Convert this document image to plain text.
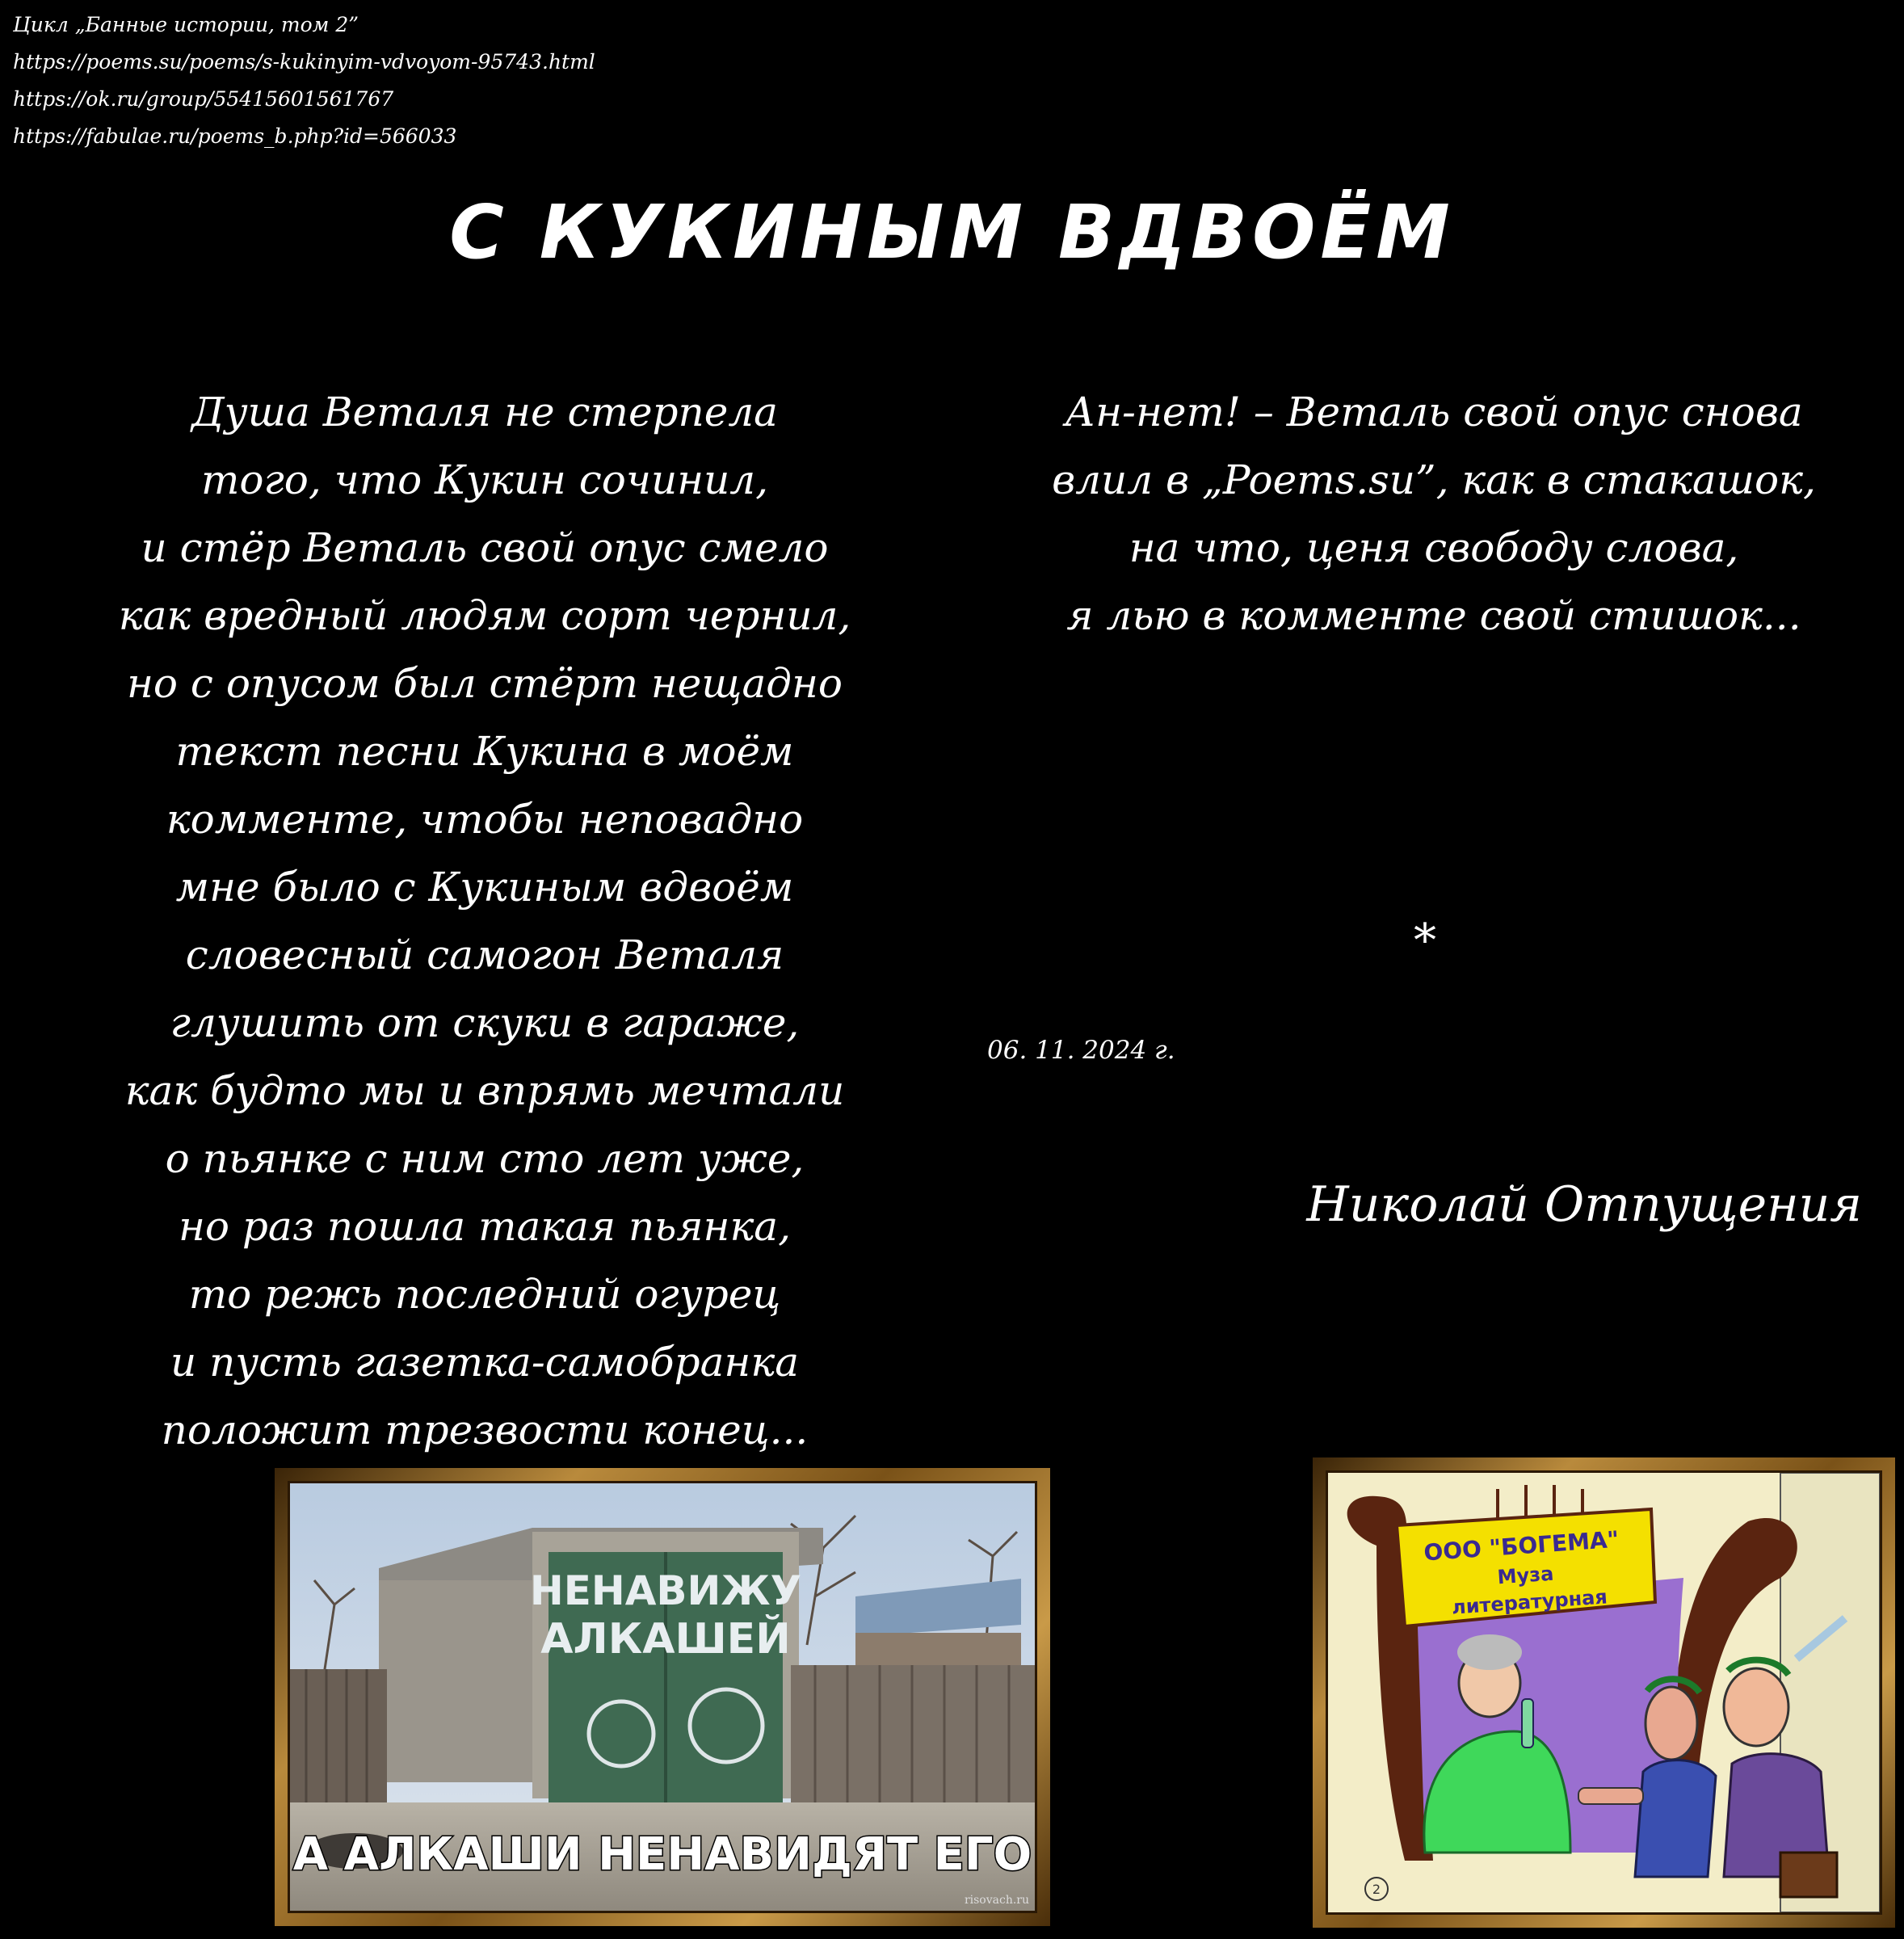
Цикл „Банные истории, том 2”
https://poems.su/poems/s-kukinyim-vdvoyom-95743.html
https://ok.ru/group/55415601561767
https://fabulae.ru/poems_b.php?id=566033
С КУКИНЫМ ВДВОЁМ
Душа Веталя не стерпела
того, что Кукин сочинил,
и стёр Веталь свой опус смело
как вредный людям сорт чернил,
но с опусом был стёрт нещадно
текст песни Кукина в моём
комменте, чтобы неповадно
мне было с Кукиным вдвоём
словесный самогон Веталя
глушить от скуки в гараже,
как будто мы и впрямь мечтали
о пьянке с ним сто лет уже,
но раз пошла такая пьянка,
то режь последний огурец
и пусть газетка-самобранка
положит трезвости конец...
Ан-нет! – Веталь свой опус снова
влил в „Poems.su”, как в стакашок,
на что, ценя свободу слова,
я лью в комменте свой стишок...
*
06. 11. 2024 г.
Николай Отпущения
НЕНАВИЖУ
АЛКАШЕЙ
А АЛКАШИ НЕНАВИДЯТ ЕГО
risovach.ru
ООО "БОГЕМА"
Муза
литературная
2
